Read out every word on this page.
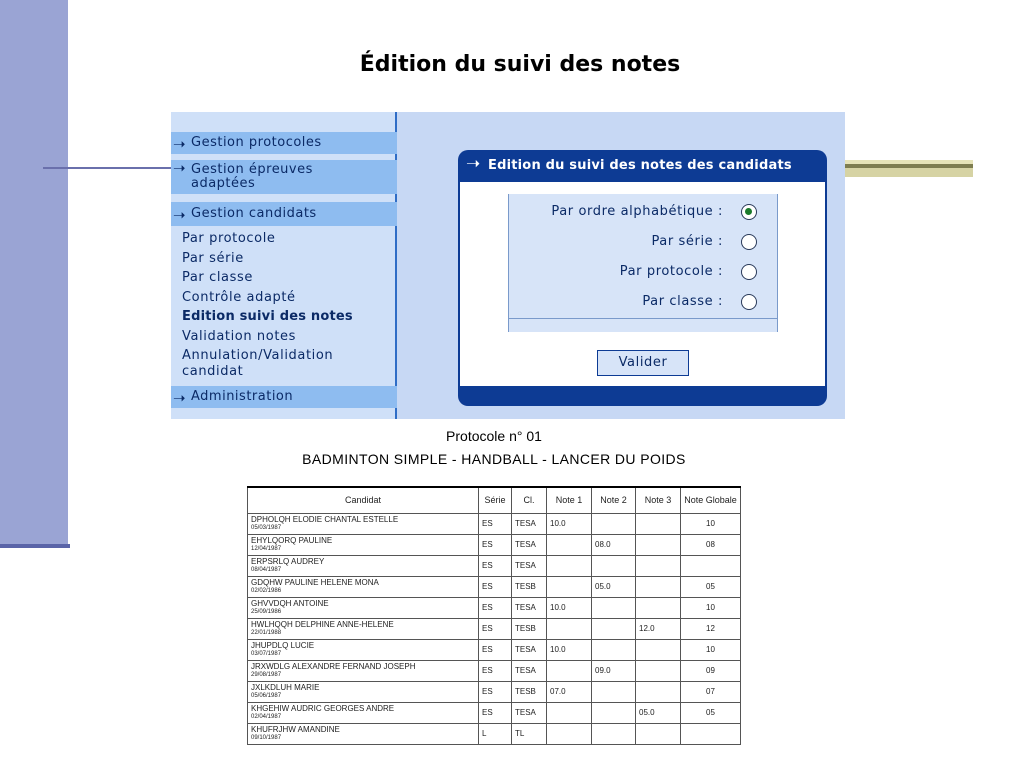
Édition du suivi des notes
➝ Gestion protocoles
➝ Gestion épreuves
adaptées
➝ Gestion candidats
Par protocole
Par série
Par classe
Contrôle adapté
Edition suivi des notes
Validation notes
Annulation/Validation
candidat
➝ Administration
➝ Edition du suivi des notes des candidats
Par ordre alphabétique :
Par série :
Par protocole :
Par classe :
Valider
Protocole n° 01
BADMINTON SIMPLE - HANDBALL - LANCER DU POIDS
Candidat	Série	Cl.	Note 1	Note 2	Note 3	Note Globale

DPHOLQH ELODIE CHANTAL ESTELLE
05/03/1987	ES	TESA	10.0			10

EHYLQORQ PAULINE
12/04/1987	ES	TESA		08.0		08

ERPSRLQ AUDREY
08/04/1987	ES	TESA				

GDQHW PAULINE HELENE MONA
02/02/1986	ES	TESB		05.0		05

GHVVDQH ANTOINE
25/09/1986	ES	TESA	10.0			10

HWLHQQH DELPHINE ANNE-HELENE
22/01/1988	ES	TESB			12.0	12

JHUPDLQ LUCIE
03/07/1987	ES	TESA	10.0			10

JRXWDLG ALEXANDRE FERNAND JOSEPH
29/08/1987	ES	TESA		09.0		09

JXLKDLUH MARIE
05/06/1987	ES	TESB	07.0			07

KHGEHIW AUDRIC GEORGES ANDRE
02/04/1987	ES	TESA			05.0	05

KHUFRJHW AMANDINE
09/10/1987	L	TL				
